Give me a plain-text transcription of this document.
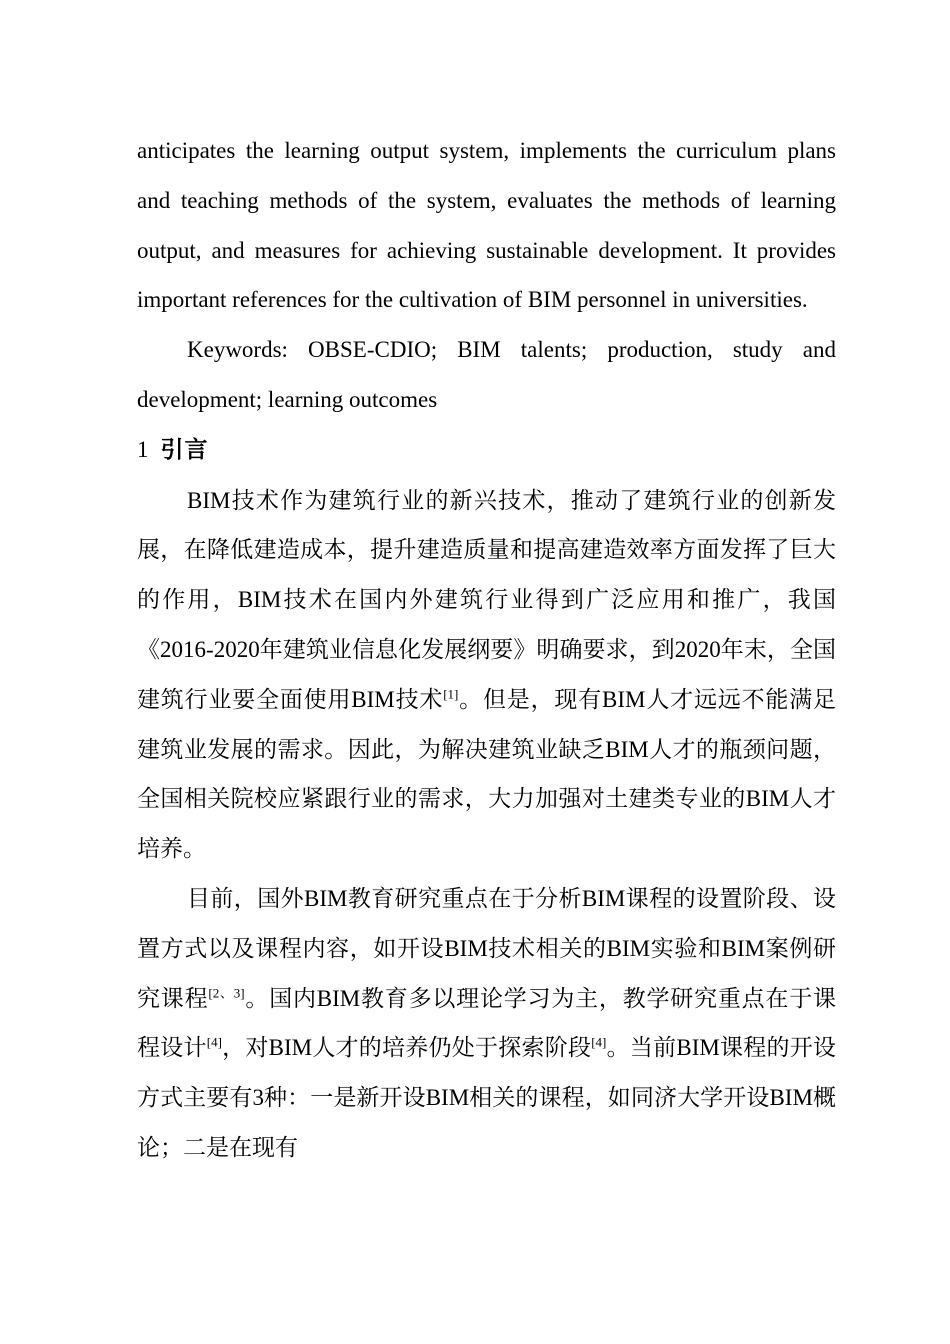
anticipates the learning output system, implements the curriculum plans and teaching methods of the system, evaluates the methods of learning output, and measures for achieving sustainable development. It provides important references for the cultivation of BIM personnel in universities.

Keywords: OBSE-CDIO; BIM talents; production, study and development; learning outcomes

1 引言

BIM技术作为建筑行业的新兴技术，推动了建筑行业的创新发展，在降低建造成本，提升建造质量和提高建造效率方面发挥了巨大的作用，BIM技术在国内外建筑行业得到广泛应用和推广，我国《2016-2020年建筑业信息化发展纲要》明确要求，到2020年末，全国建筑行业要全面使用BIM技术[1]。但是，现有BIM人才远远不能满足建筑业发展的需求。因此，为解决建筑业缺乏BIM人才的瓶颈问题，全国相关院校应紧跟行业的需求，大力加强对土建类专业的BIM人才培养。

目前，国外BIM教育研究重点在于分析BIM课程的设置阶段、设置方式以及课程内容，如开设BIM技术相关的BIM实验和BIM案例研究课程[2、3]。国内BIM教育多以理论学习为主，教学研究重点在于课程设计[4]，对BIM人才的培养仍处于探索阶段[4]。当前BIM课程的开设方式主要有3种：一是新开设BIM相关的课程，如同济大学开设BIM概论；二是在现有
